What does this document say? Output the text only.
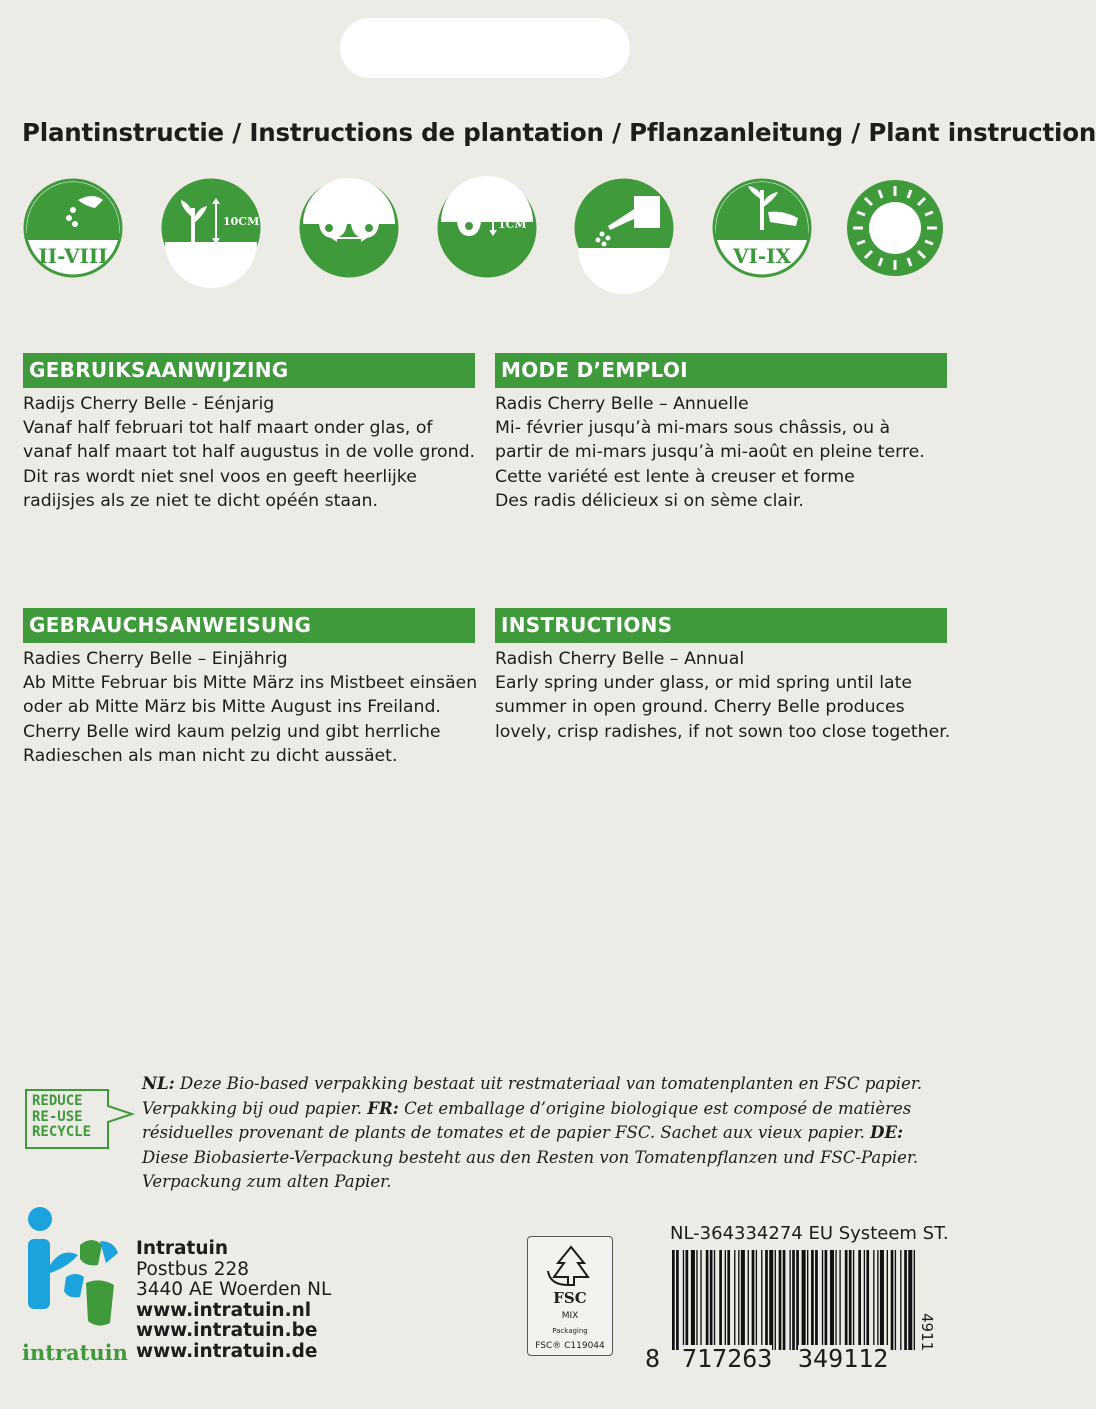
Plantinstructie / Instructions de plantation / Pflanzanleitung / Plant instruction
II-VIII
10CM
5CM
1CM
VI-IX
GEBRUIKSAANWIJZING
Radijs Cherry Belle - Eénjarig
Vanaf half februari tot half maart onder glas, of
vanaf half maart tot half augustus in de volle grond.
Dit ras wordt niet snel voos en geeft heerlijke
radijsjes als ze niet te dicht opéén staan.
MODE D’EMPLOI
Radis Cherry Belle – Annuelle
Mi- février jusqu’à mi-mars sous châssis, ou à
partir de mi-mars jusqu’à mi-août en pleine terre.
Cette variété est lente à creuser et forme
Des radis délicieux si on sème clair.
GEBRAUCHSANWEISUNG
Radies Cherry Belle – Einjährig
Ab Mitte Februar bis Mitte März ins Mistbeet einsäen
oder ab Mitte März bis Mitte August ins Freiland.
Cherry Belle wird kaum pelzig und gibt herrliche
Radieschen als man nicht zu dicht aussäet.
INSTRUCTIONS
Radish Cherry Belle – Annual
Early spring under glass, or mid spring until late
summer in open ground. Cherry Belle produces
lovely, crisp radishes, if not sown too close together.
REDUCE
RE-USE
RECYCLE
NL: Deze Bio-based verpakking bestaat uit restmateriaal van tomatenplanten en FSC papier. Verpakking bij oud papier. FR: Cet emballage d’origine biologique est composé de matières résiduelles provenant de plants de tomates et de papier FSC. Sachet aux vieux papier. DE: Diese Biobasierte-Verpackung besteht aus den Resten von Tomatenpflanzen und FSC-Papier. Verpackung zum alten Papier.
intratuin
Intratuin
Postbus 228
3440 AE Woerden NL
www.intratuin.nl
www.intratuin.be
www.intratuin.de
FSC
MIX
Packaging
FSC® C119044
NL-364334274 EU Systeem ST.
8 717263 349112
4911
